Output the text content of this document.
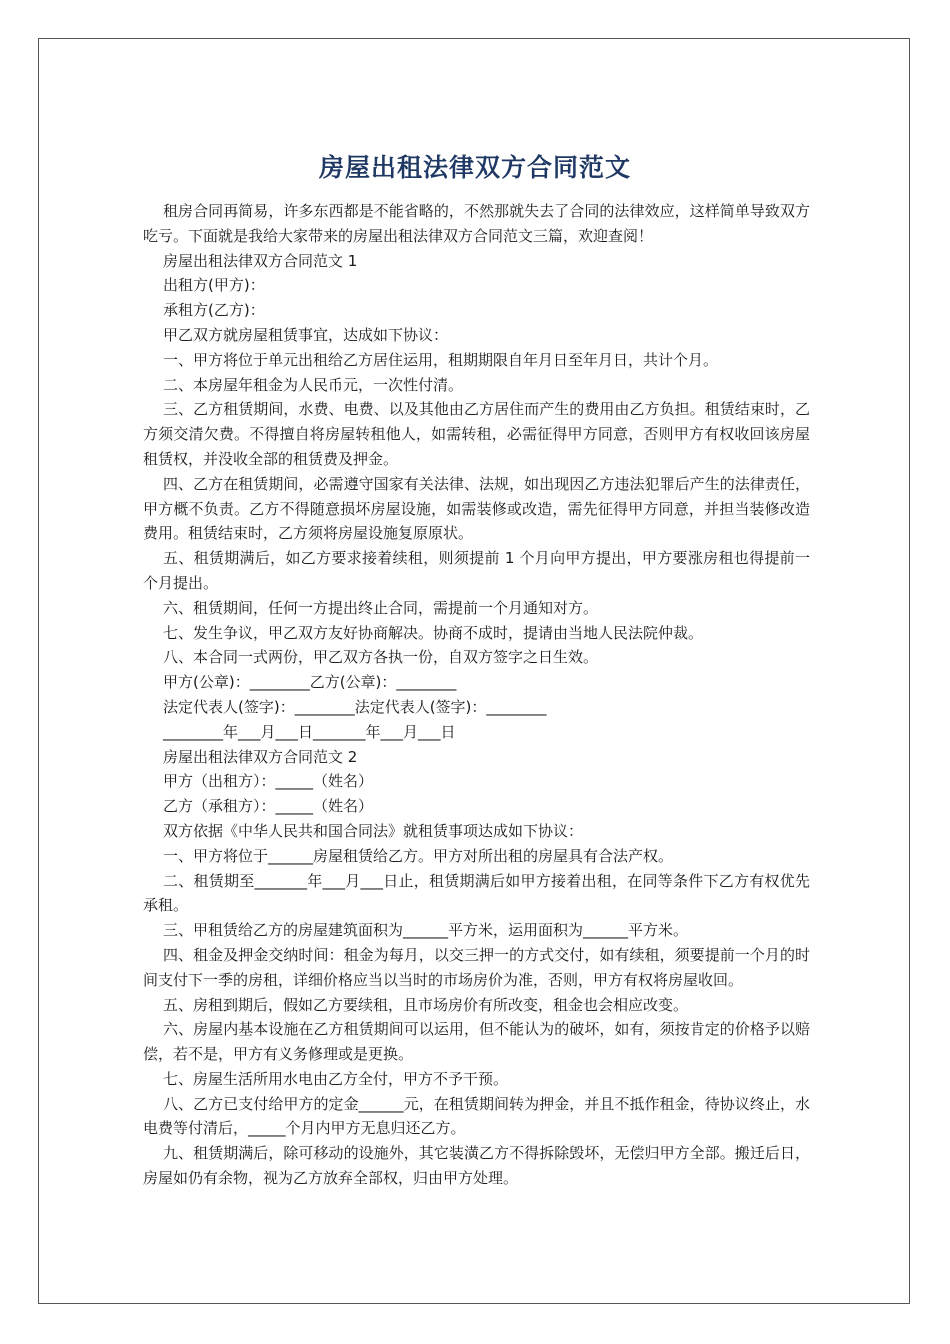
房屋出租法律双方合同范文

租房合同再简易，许多东西都是不能省略的，不然那就失去了合同的法律效应，这样简单导致双方吃亏。下面就是我给大家带来的房屋出租法律双方合同范文三篇，欢迎查阅！

房屋出租法律双方合同范文 1

出租方(甲方)：

承租方(乙方)：

甲乙双方就房屋租赁事宜，达成如下协议：

一、甲方将位于单元出租给乙方居住运用，租期期限自年月日至年月日，共计个月。

二、本房屋年租金为人民币元，一次性付清。

三、乙方租赁期间，水费、电费、以及其他由乙方居住而产生的费用由乙方负担。租赁结束时，乙方须交清欠费。不得擅自将房屋转租他人，如需转租，必需征得甲方同意，否则甲方有权收回该房屋租赁权，并没收全部的租赁费及押金。

四、乙方在租赁期间，必需遵守国家有关法律、法规，如出现因乙方违法犯罪后产生的法律责任，甲方概不负责。乙方不得随意损坏房屋设施，如需装修或改造，需先征得甲方同意，并担当装修改造费用。租赁结束时，乙方须将房屋设施复原原状。

五、租赁期满后，如乙方要求接着续租，则须提前 1 个月向甲方提出，甲方要涨房租也得提前一个月提出。

六、租赁期间，任何一方提出终止合同，需提前一个月通知对方。

七、发生争议，甲乙双方友好协商解决。协商不成时，提请由当地人民法院仲裁。

八、本合同一式两份，甲乙双方各执一份，自双方签字之日生效。

甲方(公章)：________乙方(公章)：________

法定代表人(签字)：________法定代表人(签字)：________

________年___月___日_______年___月___日

房屋出租法律双方合同范文 2

甲方（出租方）：_____（姓名）

乙方（承租方）：_____（姓名）

双方依据《中华人民共和国合同法》就租赁事项达成如下协议：

一、甲方将位于______房屋租赁给乙方。甲方对所出租的房屋具有合法产权。

二、租赁期至_______年___月___日止，租赁期满后如甲方接着出租，在同等条件下乙方有权优先承租。

三、甲租赁给乙方的房屋建筑面积为______平方米，运用面积为______平方米。

四、租金及押金交纳时间：租金为每月，以交三押一的方式交付，如有续租，须要提前一个月的时间支付下一季的房租，详细价格应当以当时的市场房价为准，否则，甲方有权将房屋收回。

五、房租到期后，假如乙方要续租，且市场房价有所改变，租金也会相应改变。

六、房屋内基本设施在乙方租赁期间可以运用，但不能认为的破坏，如有，须按肯定的价格予以赔偿，若不是，甲方有义务修理或是更换。

七、房屋生活所用水电由乙方全付，甲方不予干预。

八、乙方已支付给甲方的定金______元，在租赁期间转为押金，并且不抵作租金，待协议终止，水电费等付清后，_____个月内甲方无息归还乙方。

九、租赁期满后，除可移动的设施外，其它装潢乙方不得拆除毁坏，无偿归甲方全部。搬迁后日，房屋如仍有余物，视为乙方放弃全部权，归由甲方处理。
